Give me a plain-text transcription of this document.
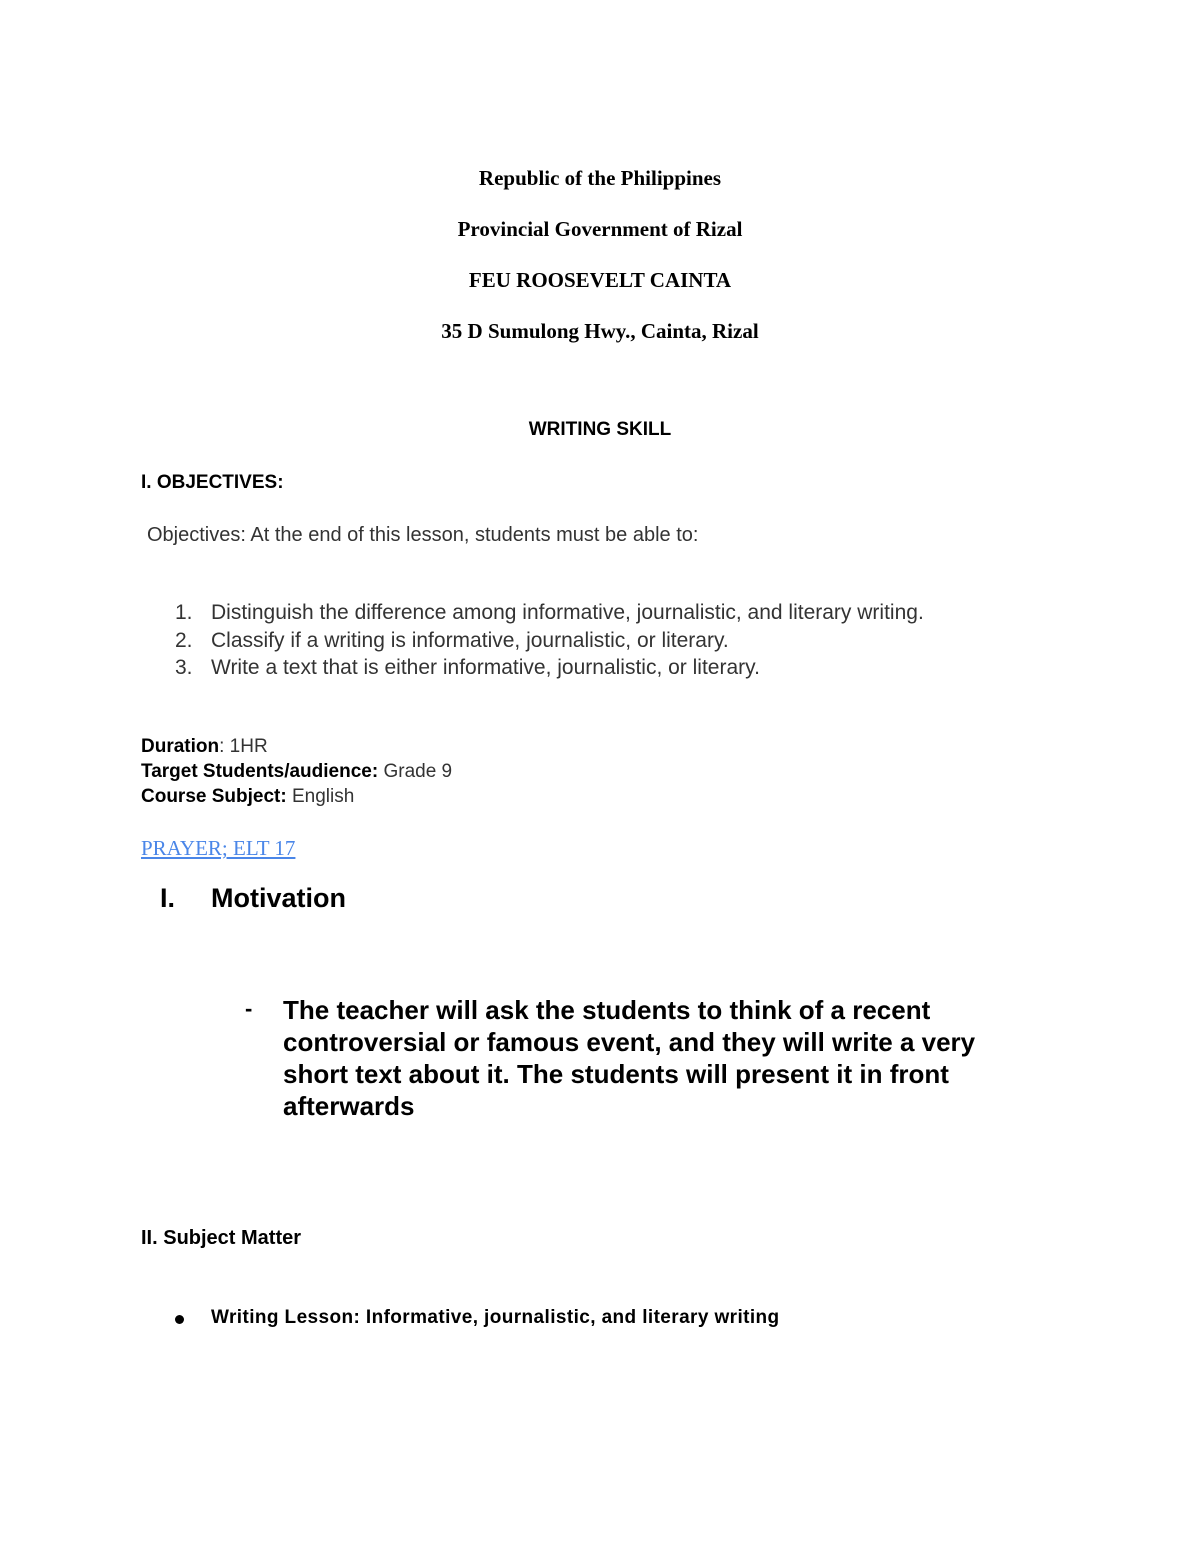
Republic of the Philippines
Provincial Government of Rizal
FEU ROOSEVELT CAINTA
35 D Sumulong Hwy., Cainta, Rizal
WRITING SKILL
I. OBJECTIVES:
Objectives: At the end of this lesson, students must be able to:
1. Distinguish the difference among informative, journalistic, and literary writing.
2. Classify if a writing is informative, journalistic, or literary.
3. Write a text that is either informative, journalistic, or literary.
Duration: 1HR
Target Students/audience: Grade 9
Course Subject: English
PRAYER; ELT 17
I. Motivation
- The teacher will ask the students to think of a recent controversial or famous event, and they will write a very short text about it. The students will present it in front afterwards

II. Subject Matter
Writing Lesson: Informative, journalistic, and literary writing
